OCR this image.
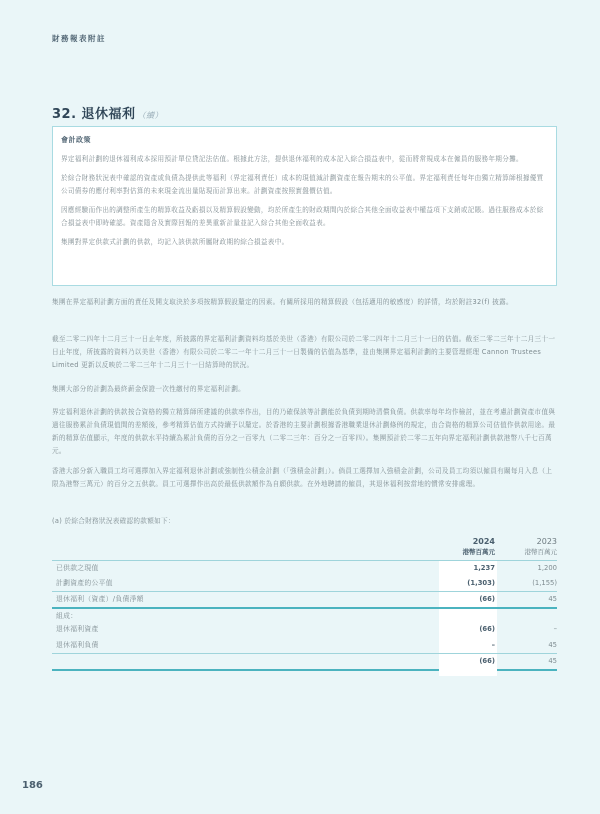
財務報表附註
32. 退休福利 （續）
會計政策

界定福利計劃的退休福利成本採用預計單位貸記法估值。根據此方法，提供退休福利的成本記入綜合損益表中，從而將常規成本在僱員的服務年期分攤。

於綜合財務狀況表中確認的資產或負債為提供此等福利（界定福利責任）成本的現值減計劃資產在報告期末的公平值。界定福利責任每年由獨立精算師根據優質公司債券的應付利率對估算的未來現金流出量貼現而計算出來。計劃資產按照實盤價估值。

因應經驗而作出的調整所產生的精算收益及虧損以及精算假設變動，均於所產生的財政期間內於綜合其他全面收益表中權益項下支銷或記賬。過往服務成本於綜合損益表中即時確認。資產隱含及實際回報的差異重新計量並記入綜合其他全面收益表。

集團對界定供款式計劃的供款，均記入該供款所屬財政期的綜合損益表中。

集團在界定福利計劃方面的責任及開支取決於多項按精算假設釐定的因素。有關所採用的精算假設（包括適用的敏感度）的詳情，均於附註32(f) 披露。
截至二零二四年十二月三十一日止年度，所披露的界定福利計劃資料均基於美世（香港）有限公司於二零二四年十二月三十一日的估值。截至二零二三年十二月三十一日止年度，所披露的資料乃以美世（香港）有限公司於二零二一年十二月三十一日製備的估值為基準，並由集團界定福利計劃的主要管理經理 Cannon Trustees Limited 更新以反映於二零二三年十二月三十一日結算時的狀況。
集團大部分的計劃為最終薪金保證一次性繳付的界定福利計劃。
界定福利退休計劃的供款按合資格的獨立精算師所建議的供款率作出，目的乃確保該等計劃能於負債到期時清償負債。供款率每年均作檢討，並在考慮計劃資產市值與過往服務累計負債現值間的差額後，參考精算估值方式持續予以釐定。於香港的主要計劃根據香港職業退休計劃條例的規定，由合資格的精算公司估值作供款用途。最新的精算估值顯示，年度的供款水平持續為累計負債的百分之一百零九（二零二三年：百分之一百零四）。集團預計於二零二五年向界定福利計劃供款港幣八千七百萬元。
香港大部分新入職員工均可選擇加入界定福利退休計劃或強制性公積金計劃（「強積金計劃」）。倘員工選擇加入強積金計劃，公司及員工均須以僱員有關每月入息（上限為港幣三萬元）的百分之五供款。員工可選擇作出高於最低供款額作為自願供款。在外地聘請的僱員，其退休福利按當地的慣常安排處理。
(a) 於綜合財務狀況表確認的款額如下：
2024
港幣百萬元
2023
港幣百萬元
已供款之現值	1,237	1,200
計劃資產的公平值	(1,303)	(1,155)
退休福利（資產）/負債淨額	(66)	45
組成：
退休福利資產	(66)	–
退休福利負債	–	45
(66)	45
186
